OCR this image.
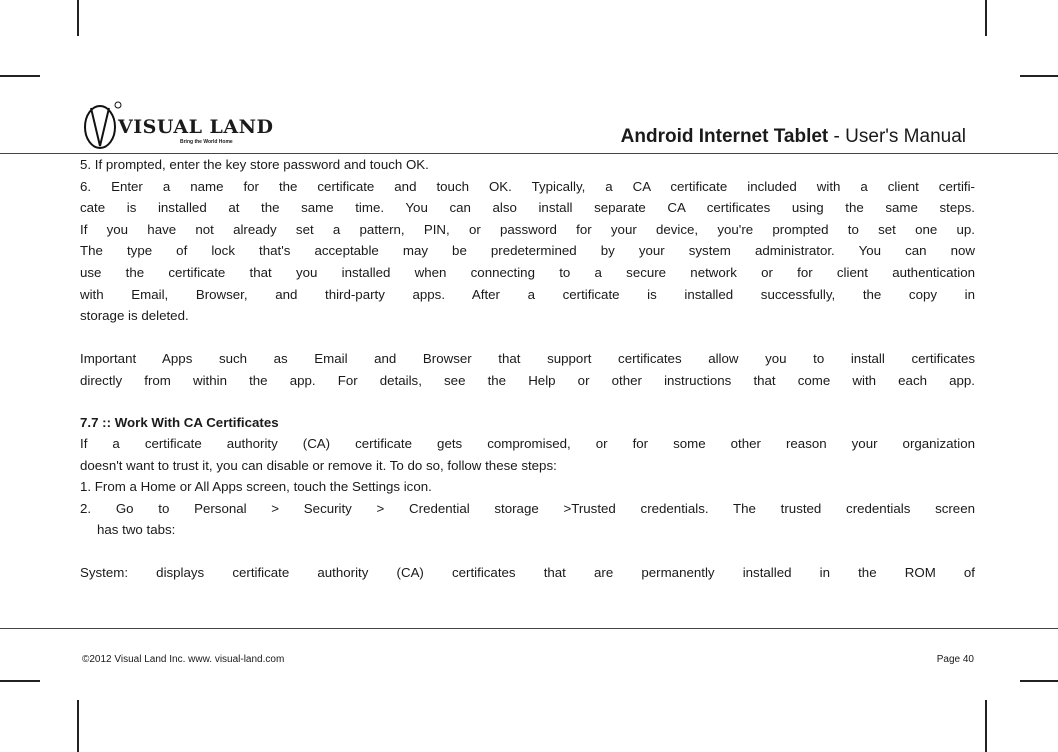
VISUAL LAND
Bring the World Home	Android Internet Tablet - User's Manual
5. If prompted, enter the key store password and touch OK.
6. Enter a name for the certificate and touch OK. Typically, a CA certificate included with a client certifi-
cate is installed at the same time. You can also install separate CA certificates using the same steps.
If you have not already set a pattern, PIN, or password for your device, you're prompted to set one up.
The type of lock that's acceptable may be predetermined by your system administrator. You can now
use the certificate that you installed when connecting to a secure network or for client authentication
with Email, Browser, and third-party apps. After a certificate is installed successfully, the copy in
storage is deleted.
Important Apps such as Email and Browser that support certificates allow you to install certificates
directly from within the app. For details, see the Help or other instructions that come with each app.
7.7 :: Work With CA Certificates
If a certificate authority (CA) certificate gets compromised, or for some other reason your organization
doesn't want to trust it, you can disable or remove it. To do so, follow these steps:
1. From a Home or All Apps screen, touch the Settings icon.
2. Go to Personal > Security > Credential storage >Trusted credentials. The trusted credentials screen
has two tabs:
System: displays certificate authority (CA) certificates that are permanently installed in the ROM of
©2012 Visual Land Inc. www. visual-land.com	Page 40
